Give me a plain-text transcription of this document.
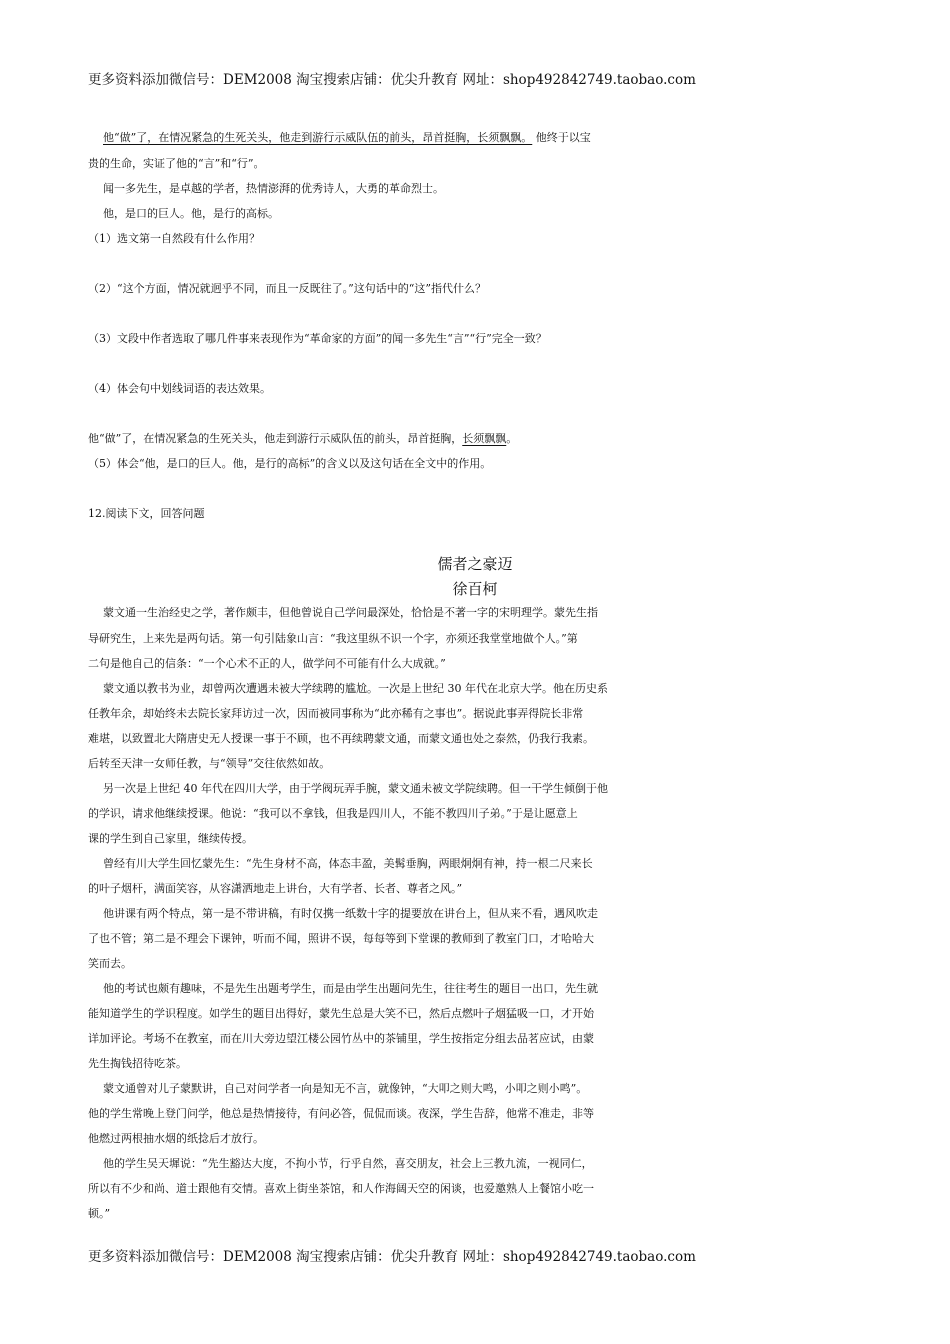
更多资料添加微信号：DEM2008 淘宝搜索店铺：优尖升教育 网址：shop492842749.taobao.com
他“做”了，在情况紧急的生死关头，他走到游行示威队伍的前头，昂首挺胸，长须飘飘。 他终于以宝
贵的生命，实证了他的“言”和“行”。
闻一多先生，是卓越的学者，热情澎湃的优秀诗人，大勇的革命烈士。
他，是口的巨人。他，是行的高标。
（1）选文第一自然段有什么作用？
（2）“这个方面，情况就迥乎不同，而且一反既往了。”这句话中的“这”指代什么？
（3）文段中作者选取了哪几件事来表现作为“革命家的方面”的闻一多先生“言”“行”完全一致？
（4）体会句中划线词语的表达效果。
他“做”了，在情况紧急的生死关头，他走到游行示威队伍的前头，昂首挺胸，长须飘飘。
（5）体会“他，是口的巨人。他，是行的高标”的含义以及这句话在全文中的作用。
12.阅读下文，回答问题
儒者之豪迈
徐百柯
蒙文通一生治经史之学，著作颇丰，但他曾说自己学问最深处，恰恰是不著一字的宋明理学。蒙先生指
导研究生，上来先是两句话。第一句引陆象山言：“我这里纵不识一个字，亦须还我堂堂地做个人。”第
二句是他自己的信条：“一个心术不正的人，做学问不可能有什么大成就。”
蒙文通以教书为业，却曾两次遭遇未被大学续聘的尴尬。一次是上世纪 30 年代在北京大学。他在历史系
任教年余，却始终未去院长家拜访过一次，因而被同事称为“此亦稀有之事也”。据说此事弄得院长非常
难堪，以致置北大隋唐史无人授课一事于不顾，也不再续聘蒙文通，而蒙文通也处之泰然，仍我行我素。
后转至天津一女师任教，与“领导”交往依然如故。
另一次是上世纪 40 年代在四川大学，由于学阀玩弄手腕，蒙文通未被文学院续聘。但一干学生倾倒于他
的学识，请求他继续授课。他说：“我可以不拿钱，但我是四川人，不能不教四川子弟。”于是让愿意上
课的学生到自己家里，继续传授。
曾经有川大学生回忆蒙先生：“先生身材不高，体态丰盈，美髯垂胸，两眼炯炯有神，持一根二尺来长
的叶子烟杆，满面笑容，从容潇洒地走上讲台，大有学者、长者、尊者之风。”
他讲课有两个特点，第一是不带讲稿，有时仅携一纸数十字的提要放在讲台上，但从来不看，遇风吹走
了也不管；第二是不理会下课钟，听而不闻，照讲不误，每每等到下堂课的教师到了教室门口，才哈哈大
笑而去。
他的考试也颇有趣味，不是先生出题考学生，而是由学生出题问先生，往往考生的题目一出口，先生就
能知道学生的学识程度。如学生的题目出得好，蒙先生总是大笑不已，然后点燃叶子烟猛吸一口，才开始
详加评论。考场不在教室，而在川大旁边望江楼公园竹丛中的茶铺里，学生按指定分组去品茗应试，由蒙
先生掏钱招待吃茶。
蒙文通曾对儿子蒙默讲，自己对问学者一向是知无不言，就像钟，“大叩之则大鸣，小叩之则小鸣”。
他的学生常晚上登门问学，他总是热情接待，有问必答，侃侃而谈。夜深，学生告辞，他常不准走，非等
他燃过两根抽水烟的纸捻后才放行。
他的学生吴天墀说：“先生豁达大度，不拘小节，行乎自然，喜交朋友，社会上三教九流，一视同仁，
所以有不少和尚、道士跟他有交情。喜欢上街坐茶馆，和人作海阔天空的闲谈，也爱邀熟人上餐馆小吃一
顿。”
更多资料添加微信号：DEM2008 淘宝搜索店铺：优尖升教育 网址：shop492842749.taobao.com
